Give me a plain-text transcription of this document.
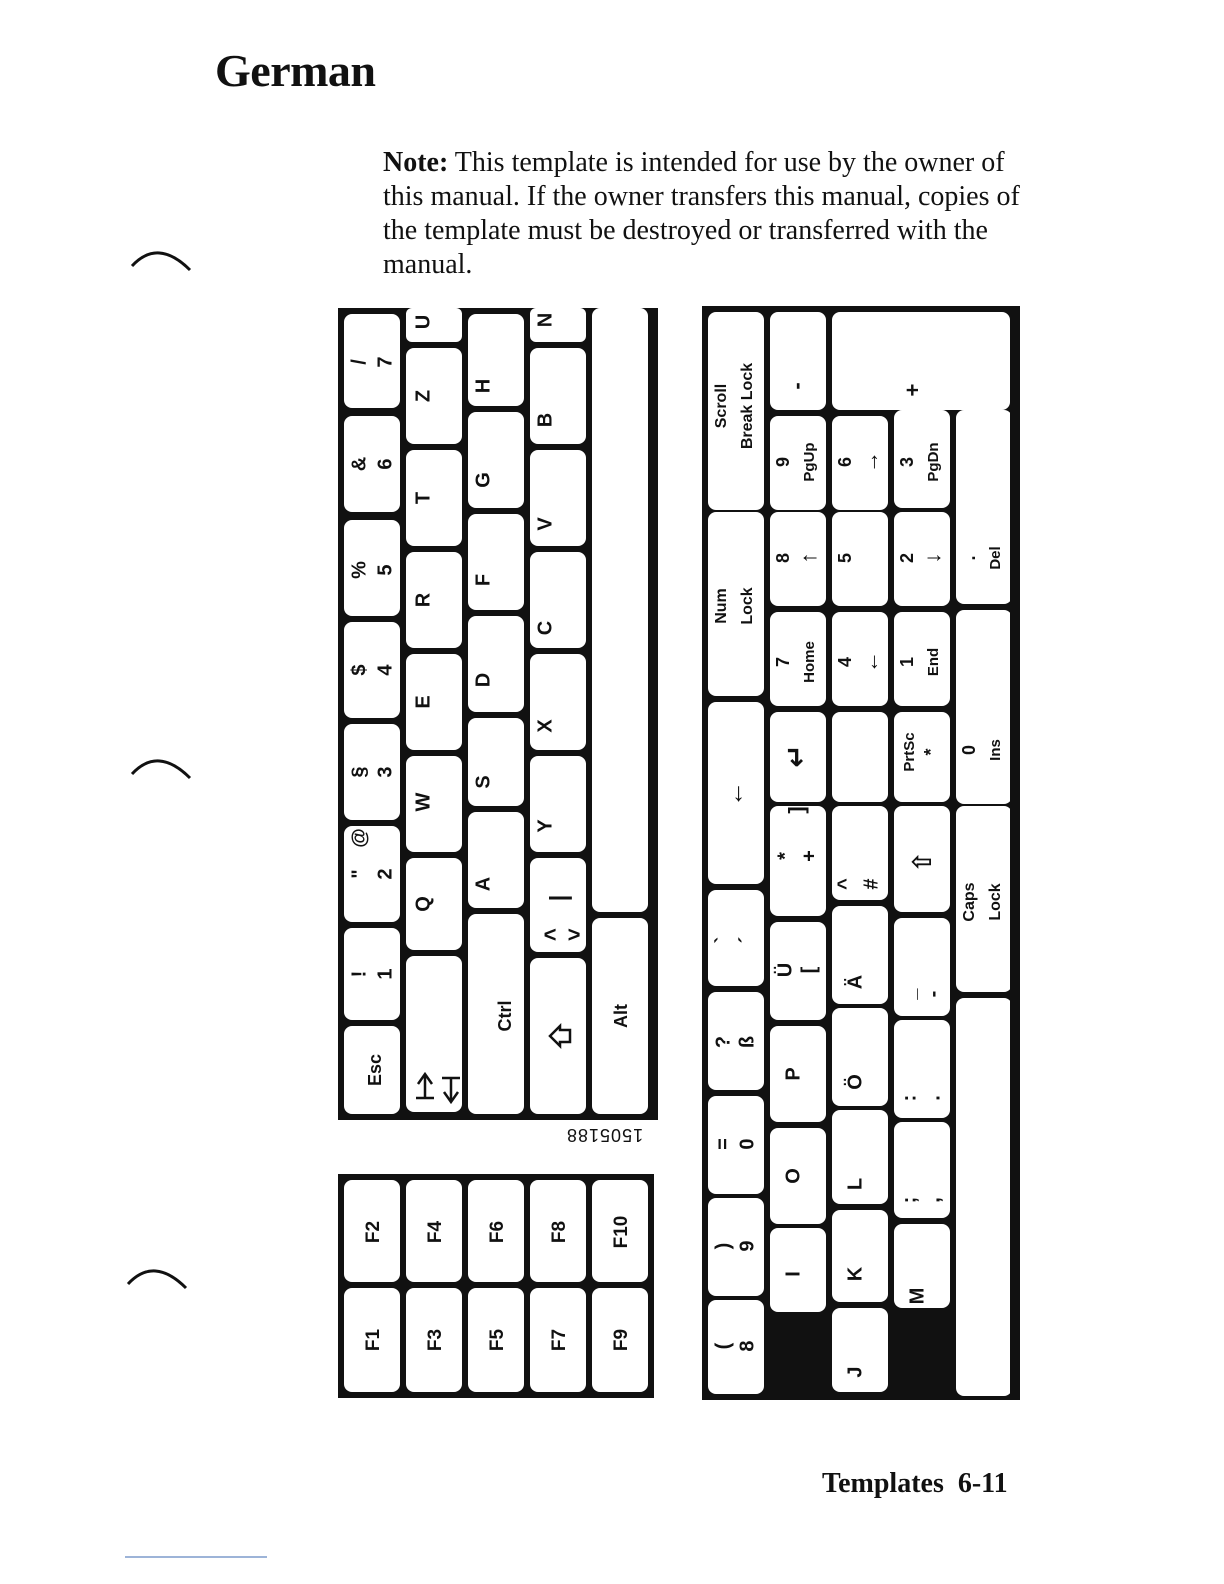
German
Note: This template is intended for use by the owner of this manual. If the owner transfers this manual, copies of the template must be destroyed or transferred with the manual.
Esc
! 1
" 2
@
§ 3
$ 4
% 5
& 6
/ 7
Q
W
E
R
T
Z
U
A
S
D
F
G
H
Ctrl
Y
X
C
V
B
N
< >
|
Alt
1505188
F2
F1
F4
F3
F6
F5
F8
F7
F10
F9
Scroll Break Lock
Num Lock
←
-	+
9 PgUp
8 ↑
7 Home
6 →
5
4 ←
3 PgDn
2 ↓
1 End
. Del
0 Ins
PrtSc *
↵
⇧
Caps Lock
` ´
? ß
= 0
) 9
( 8
Ü [
P
O
I
* +
]
Ä
Ö
L
K
J
^ #
_ -
: .
; ,
M
Templates 6-11
